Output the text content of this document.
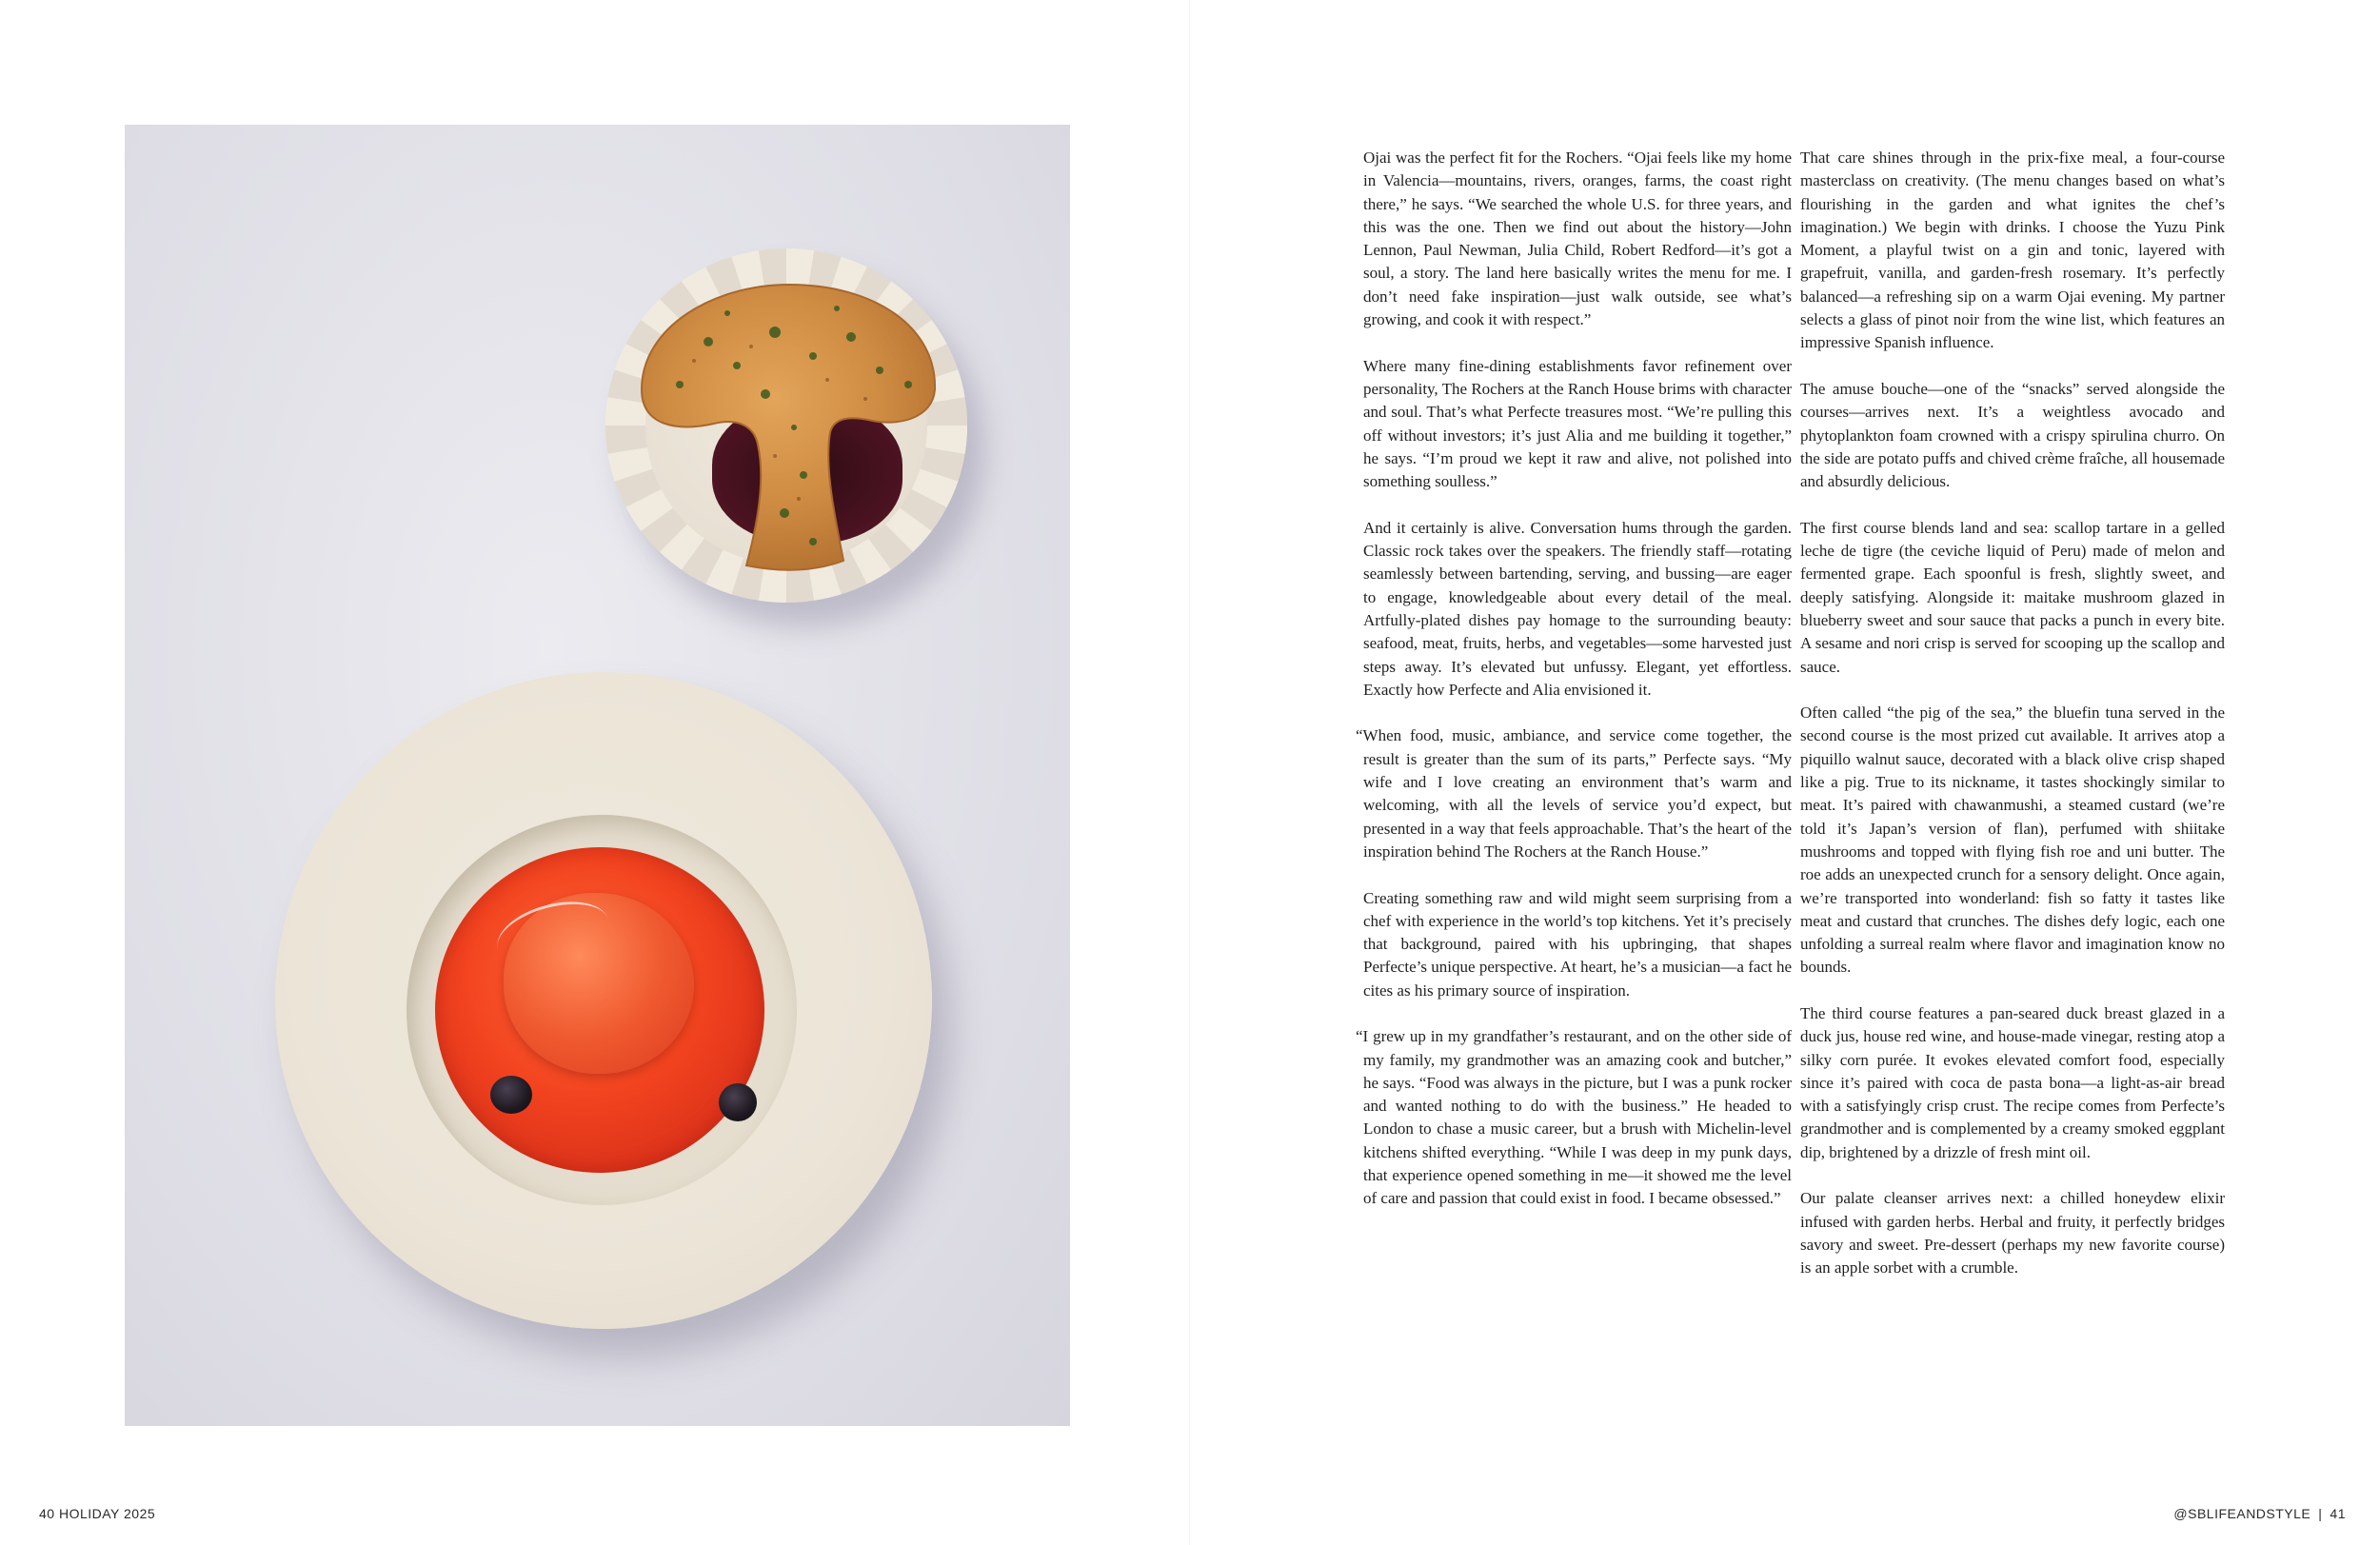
Ojai was the perfect fit for the Rochers. “Ojai feels like my home in Valencia—mountains, rivers, oranges, farms, the coast right there,” he says. “We searched the whole U.S. for three years, and this was the one. Then we find out about the history—John Lennon, Paul Newman, Julia Child, Robert Redford—it’s got a soul, a story. The land here basically writes the menu for me. I don’t need fake inspiration—just walk outside, see what’s growing, and cook it with respect.”

Where many fine-dining establishments favor refinement over personality, The Rochers at the Ranch House brims with character and soul. That’s what Perfecte treasures most. “We’re pulling this off without investors; it’s just Alia and me building it together,” he says. “I’m proud we kept it raw and alive, not polished into something soulless.”

And it certainly is alive. Conversation hums through the garden. Classic rock takes over the speakers. The friendly staff—rotating seamlessly between bartending, serving, and bussing—are eager to engage, knowledgeable about every detail of the meal. Artfully-plated dishes pay homage to the surrounding beauty: seafood, meat, fruits, herbs, and vegetables—some harvested just steps away. It’s elevated but unfussy. Elegant, yet effortless. Exactly how Perfecte and Alia envisioned it.

“When food, music, ambiance, and service come together, the result is greater than the sum of its parts,” Perfecte says. “My wife and I love creating an environment that’s warm and welcoming, with all the levels of service you’d expect, but presented in a way that feels approachable. That’s the heart of the inspiration behind The Rochers at the Ranch House.”

Creating something raw and wild might seem surprising from a chef with experience in the world’s top kitchens. Yet it’s precisely that background, paired with his upbringing, that shapes Perfecte’s unique perspective. At heart, he’s a musician—a fact he cites as his primary source of inspiration.

“I grew up in my grandfather’s restaurant, and on the other side of my family, my grandmother was an amazing cook and butcher,” he says. “Food was always in the picture, but I was a punk rocker and wanted nothing to do with the business.” He headed to London to chase a music career, but a brush with Michelin-level kitchens shifted everything. “While I was deep in my punk days, that experience opened something in me—it showed me the level of care and passion that could exist in food. I became obsessed.”

That care shines through in the prix-fixe meal, a four-course masterclass on creativity. (The menu changes based on what’s flourishing in the garden and what ignites the chef’s imagination.) We begin with drinks. I choose the Yuzu Pink Moment, a playful twist on a gin and tonic, layered with grapefruit, vanilla, and garden-fresh rosemary. It’s perfectly balanced—a refreshing sip on a warm Ojai evening. My partner selects a glass of pinot noir from the wine list, which features an impressive Spanish influence.

The amuse bouche—one of the “snacks” served alongside the courses—arrives next. It’s a weightless avocado and phytoplankton foam crowned with a crispy spirulina churro. On the side are potato puffs and chived crème fraîche, all housemade and absurdly delicious.

The first course blends land and sea: scallop tartare in a gelled leche de tigre (the ceviche liquid of Peru) made of melon and fermented grape. Each spoonful is fresh, slightly sweet, and deeply satisfying. Alongside it: maitake mushroom glazed in blueberry sweet and sour sauce that packs a punch in every bite. A sesame and nori crisp is served for scooping up the scallop and sauce.

Often called “the pig of the sea,” the bluefin tuna served in the second course is the most prized cut available. It arrives atop a piquillo walnut sauce, decorated with a black olive crisp shaped like a pig. True to its nickname, it tastes shockingly similar to meat. It’s paired with chawanmushi, a steamed custard (we’re told it’s Japan’s version of flan), perfumed with shiitake mushrooms and topped with flying fish roe and uni butter. The roe adds an unexpected crunch for a sensory delight. Once again, we’re transported into wonderland: fish so fatty it tastes like meat and custard that crunches. The dishes defy logic, each one unfolding a surreal realm where flavor and imagination know no bounds.

The third course features a pan-seared duck breast glazed in a duck jus, house red wine, and house-made vinegar, resting atop a silky corn purée. It evokes elevated comfort food, especially since it’s paired with coca de pasta bona—a light-as-air bread with a satisfyingly crisp crust. The recipe comes from Perfecte’s grandmother and is complemented by a creamy smoked eggplant dip, brightened by a drizzle of fresh mint oil.

Our palate cleanser arrives next: a chilled honeydew elixir infused with garden herbs. Herbal and fruity, it perfectly bridges savory and sweet. Pre-dessert (perhaps my new favorite course) is an apple sorbet with a crumble.

40 HOLIDAY 2025	@SBLIFEANDSTYLE | 41
